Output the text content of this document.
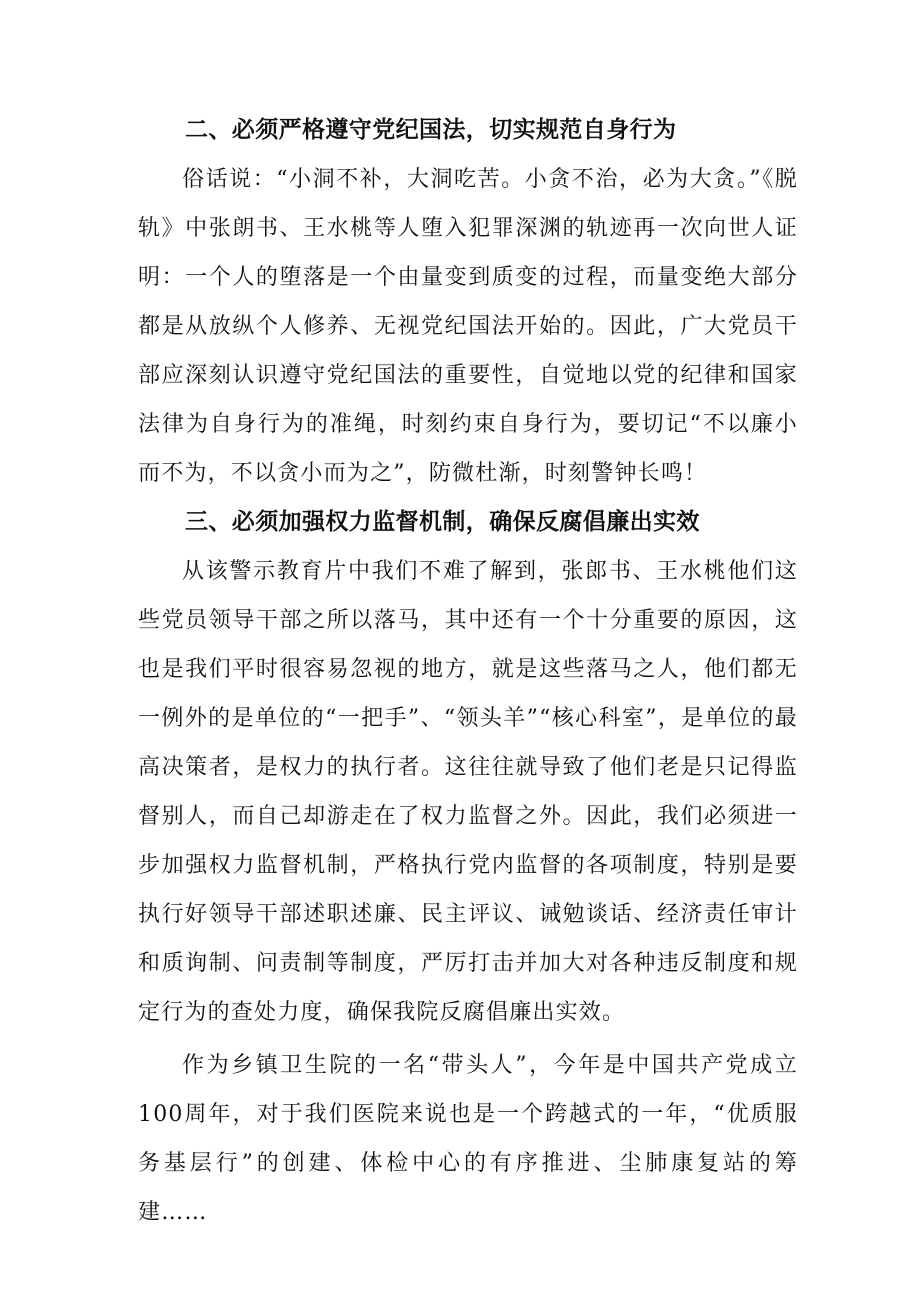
二、必须严格遵守党纪国法，切实规范自身行为

俗话说：“小洞不补，大洞吃苦。小贪不治，必为大贪。”《脱轨》中张朗书、王水桃等人堕入犯罪深渊的轨迹再一次向世人证明：一个人的堕落是一个由量变到质变的过程，而量变绝大部分都是从放纵个人修养、无视党纪国法开始的。因此，广大党员干部应深刻认识遵守党纪国法的重要性，自觉地以党的纪律和国家法律为自身行为的准绳，时刻约束自身行为，要切记“不以廉小而不为，不以贪小而为之”，防微杜渐，时刻警钟长鸣！

三、必须加强权力监督机制，确保反腐倡廉出实效

从该警示教育片中我们不难了解到，张郎书、王水桃他们这些党员领导干部之所以落马，其中还有一个十分重要的原因，这也是我们平时很容易忽视的地方，就是这些落马之人，他们都无一例外的是单位的“一把手”、“领头羊”“核心科室”，是单位的最高决策者，是权力的执行者。这往往就导致了他们老是只记得监督别人，而自己却游走在了权力监督之外。因此，我们必须进一步加强权力监督机制，严格执行党内监督的各项制度，特别是要执行好领导干部述职述廉、民主评议、诫勉谈话、经济责任审计和质询制、问责制等制度，严厉打击并加大对各种违反制度和规定行为的查处力度，确保我院反腐倡廉出实效。

作为乡镇卫生院的一名“带头人”，今年是中国共产党成立100周年，对于我们医院来说也是一个跨越式的一年，“优质服务基层行”的创建、体检中心的有序推进、尘肺康复站的筹建……
